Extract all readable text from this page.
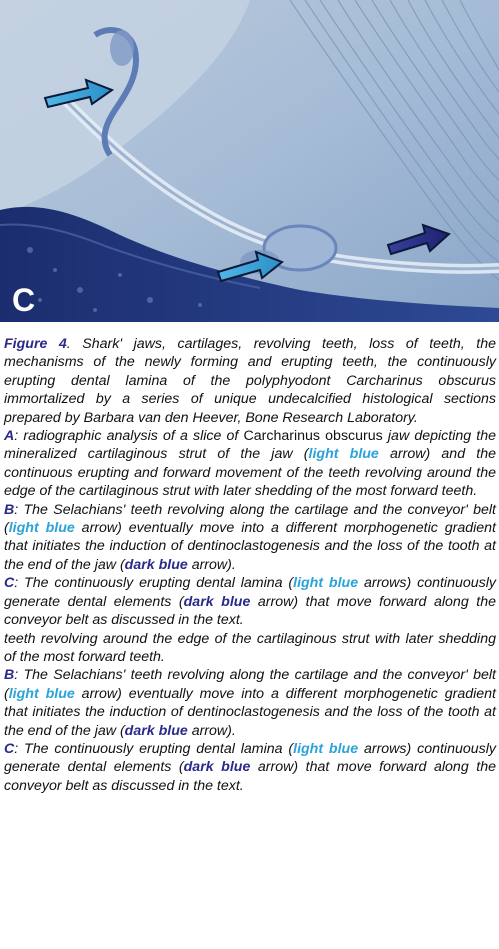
C

Figure 4. Shark' jaws, cartilages, revolving teeth, loss of teeth, the mechanisms of the newly forming and erupting teeth, the continuously erupting dental lamina of the polyphyodont Carcharinus obscurus immortalized by a series of unique undecalcified histological sections prepared by Barbara van den Heever, Bone Research Laboratory.

A: radiographic analysis of a slice of Carcharinus obscurus jaw depicting the mineralized cartilaginous strut of the jaw (light blue arrow) and the continuous erupting and forward movement of the teeth revolving around the edge of the cartilaginous strut with later shedding of the most forward teeth.

B: The Selachians' teeth revolving along the cartilage and the conveyor' belt (light blue arrow) eventually move into a different morphogenetic gradient that initiates the induction of dentinoclastogenesis and the loss of the tooth at the end of the jaw (dark blue arrow).

C: The continuously erupting dental lamina (light blue arrows) continuously generate dental elements (dark blue arrow) that move forward along the conveyor belt as discussed in the text.

teeth revolving around the edge of the cartilaginous strut with later shedding of the most forward teeth.

B: The Selachians' teeth revolving along the cartilage and the conveyor' belt (light blue arrow) eventually move into a different morphogenetic gradient that initiates the induction of dentinoclastogenesis and the loss of the tooth at the end of the jaw (dark blue arrow).

C: The continuously erupting dental lamina (light blue arrows) continuously generate dental elements (dark blue arrow) that move forward along the conveyor belt as discussed in the text.
